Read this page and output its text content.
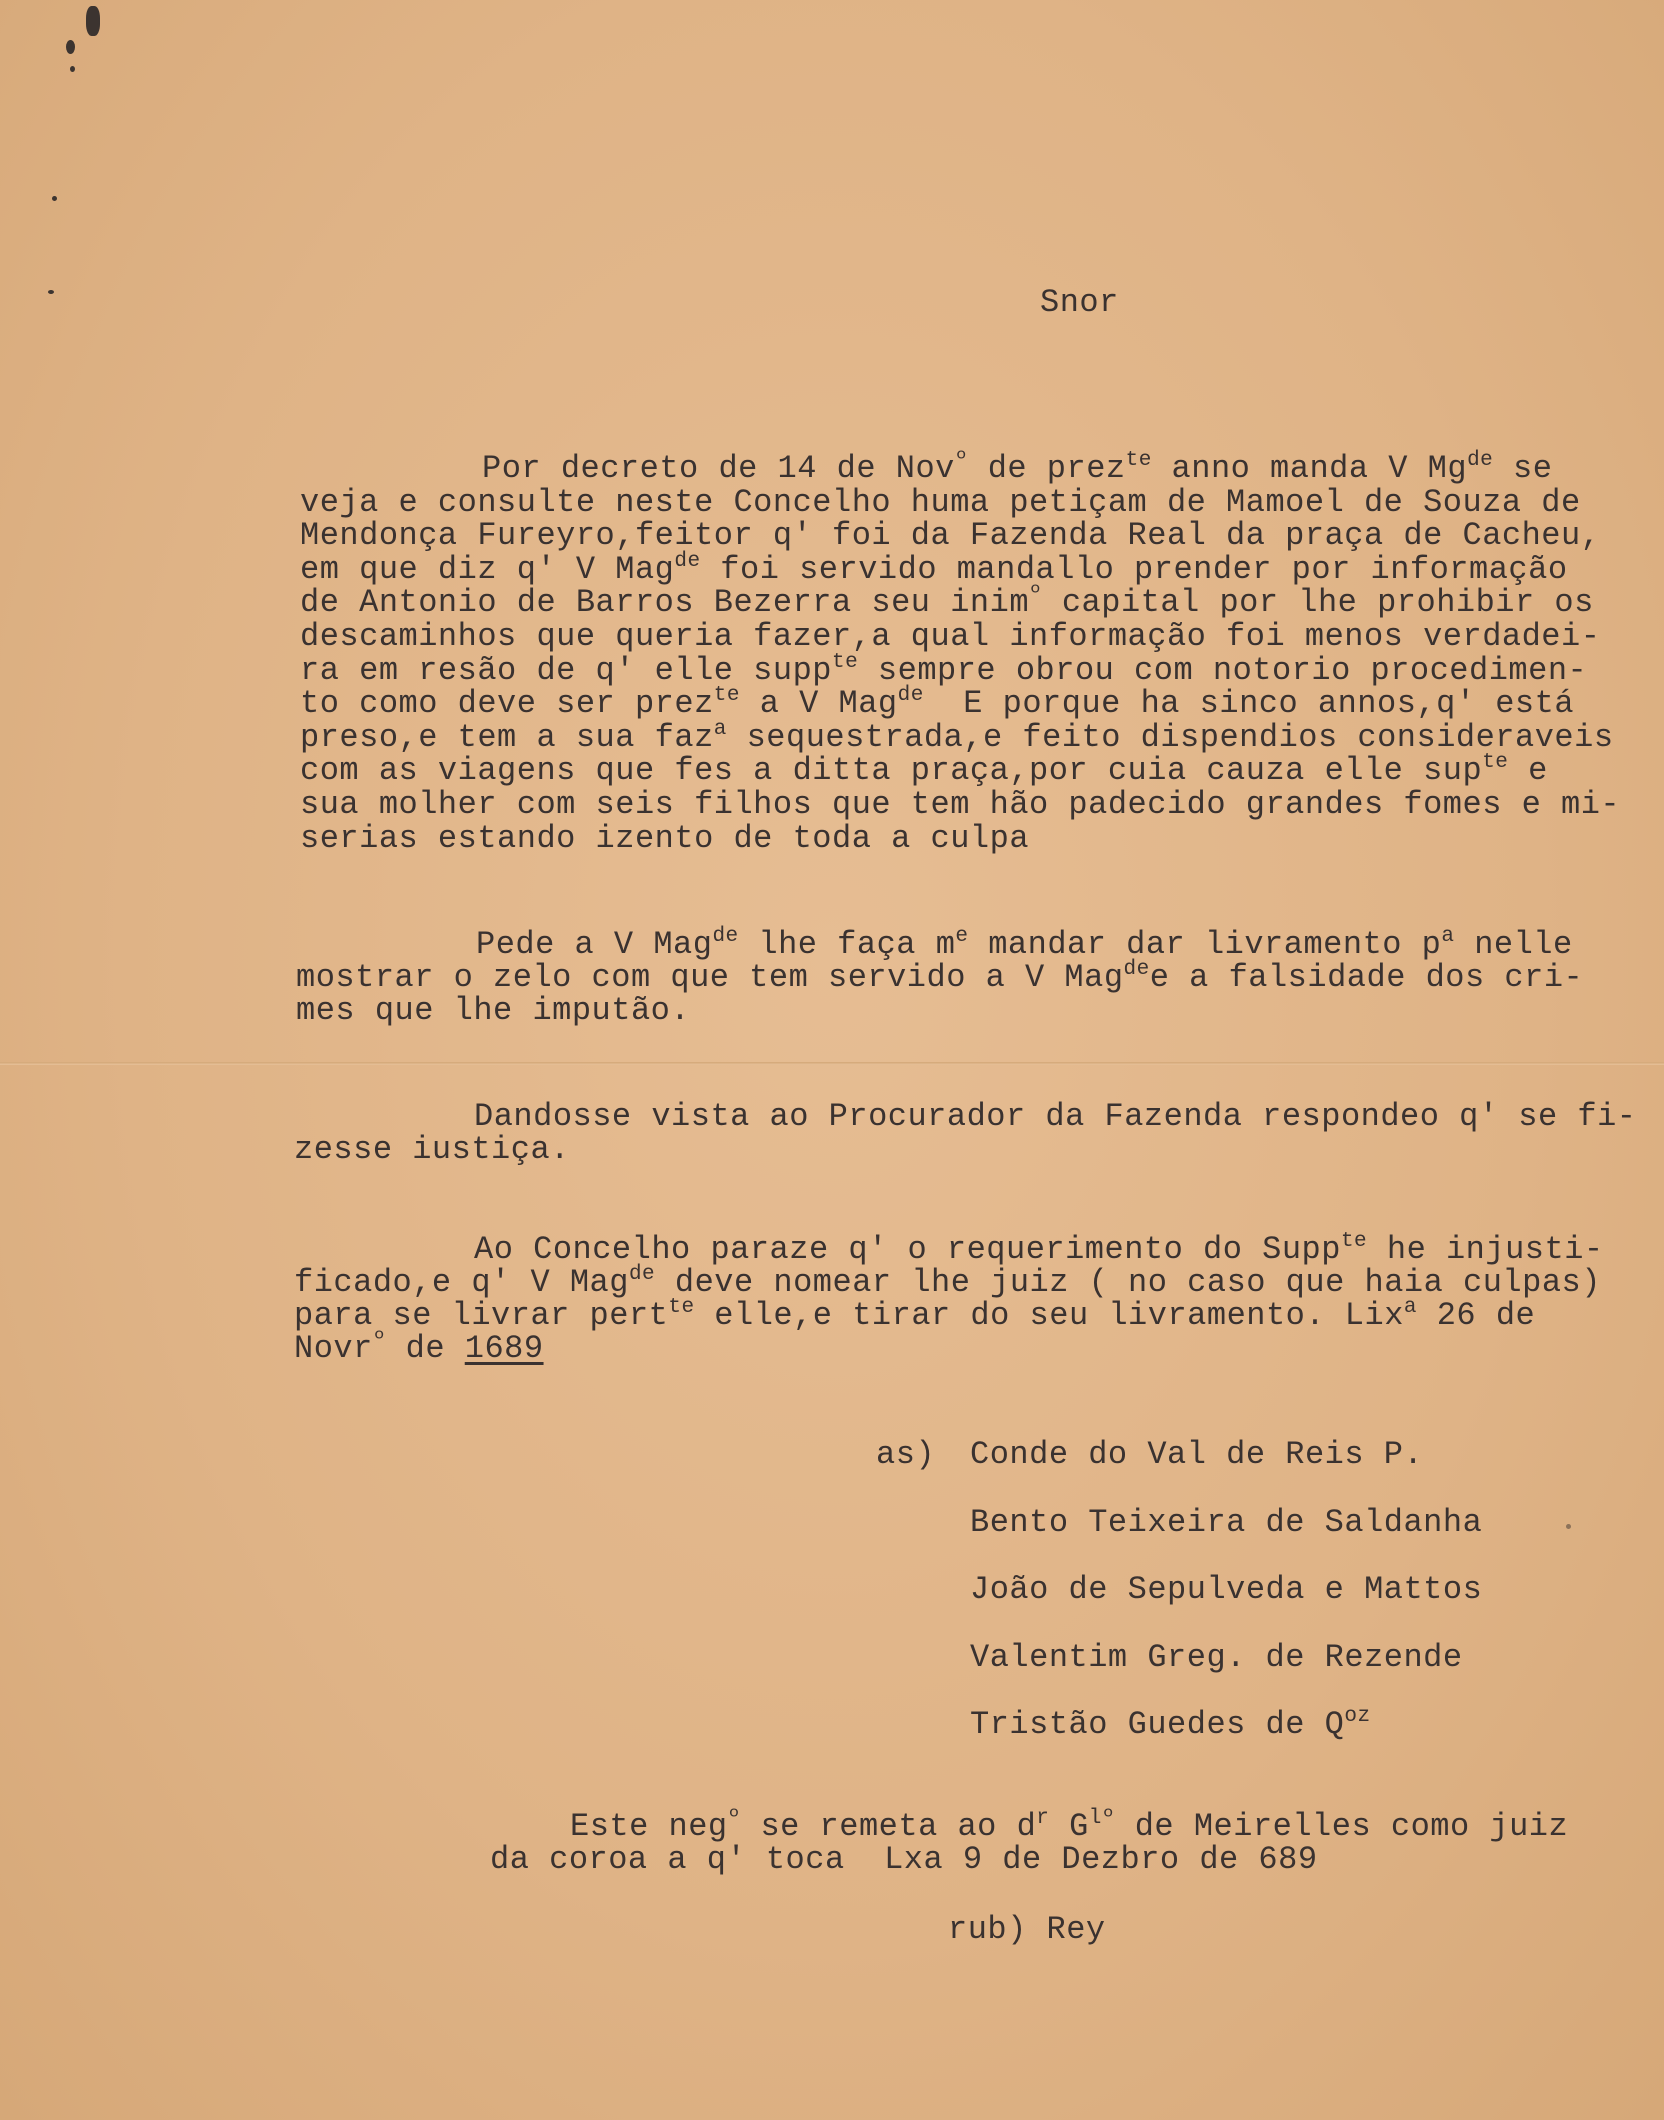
Snor
Por decreto de 14 de Nov$^º$ de prez$^{te}$ anno manda V $Mg^{de}$ se
veja e consulte neste Concelho huma petiçam de Mamoel de Souza de
Mendonça Fureyro,feitor q' foi da Fazenda Real da praça de Cacheu,
em que diz q' V Mag$^{de}$ foi servido mandallo prender por informação
de Antonio de Barros Bezerra seu inim$^º$ capital por lhe prohibir os
descaminhos que queria fazer,a qual informação foi menos verdadei-
ra em resão de q' elle supp$^{te}$ sempre obrou com notorio procedimen-
to como deve ser prez$^{te}$ a V Mag$^{de}$  E porque ha sinco annos,q' está
preso,e tem a sua faz$^a$ sequestrada,e feito dispendios consideraveis
com as viagens que fes a ditta praça,por cuia cauza elle sup$^{te}$ e
sua molher com seis filhos que tem hão padecido grandes fomes e mi-
serias estando izento de toda a culpa
Pede a V Mag$^{de}$ lhe faça $m^e$ mandar dar livramento $p^a$ nelle
mostrar o zelo com que tem servido a V Mag$^{de}$e a falsidade dos cri-
mes que lhe imputão.
Dandosse vista ao Procurador da Fazenda respondeo q' se fi-
zesse iustiça.
Ao Concelho paraze q' o requerimento do Supp$^{te}$ he injusti-
ficado,e q' V Mag$^{de}$ deve nomear lhe juiz ( no caso que haia culpas)
para se livrar pert$^{te}$ elle,e tirar do seu livramento. Lix$^a$ 26 de
Novr$^º$ de 1689
as) Conde do Val de Reis P.
Bento Teixeira de Saldanha
João de Sepulveda e Mattos
Valentim Greg. de Rezende
Tristão Guedes de $Q^{oz}$
Este neg$^º$ se remeta ao $d^r$ $G^{lº}$ de Meirelles como juiz
da coroa a q' toca  Lxa 9 de Dezbro de 689
rub) Rey
